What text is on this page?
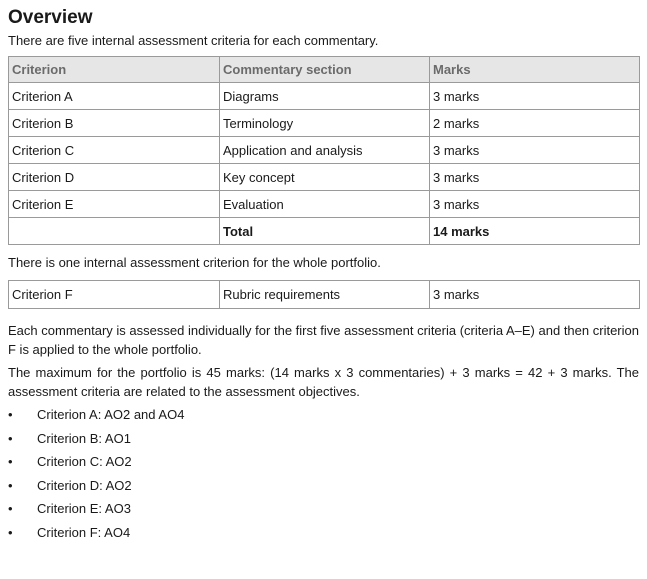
Overview

There are five internal assessment criteria for each commentary.

Criterion	Commentary section	Marks
Criterion A	Diagrams	3 marks
Criterion B	Terminology	2 marks
Criterion C	Application and analysis	3 marks
Criterion D	Key concept	3 marks
Criterion E	Evaluation	3 marks
	Total	14 marks

There is one internal assessment criterion for the whole portfolio.

Criterion F	Rubric requirements	3 marks

Each commentary is assessed individually for the first five assessment criteria (criteria A–E) and then criterion F is applied to the whole portfolio.

The maximum for the portfolio is 45 marks: (14 marks x 3 commentaries) + 3 marks = 42 + 3 marks. The assessment criteria are related to the assessment objectives.

•	Criterion A: AO2 and AO4
•	Criterion B: AO1
•	Criterion C: AO2
•	Criterion D: AO2
•	Criterion E: AO3
•	Criterion F: AO4
